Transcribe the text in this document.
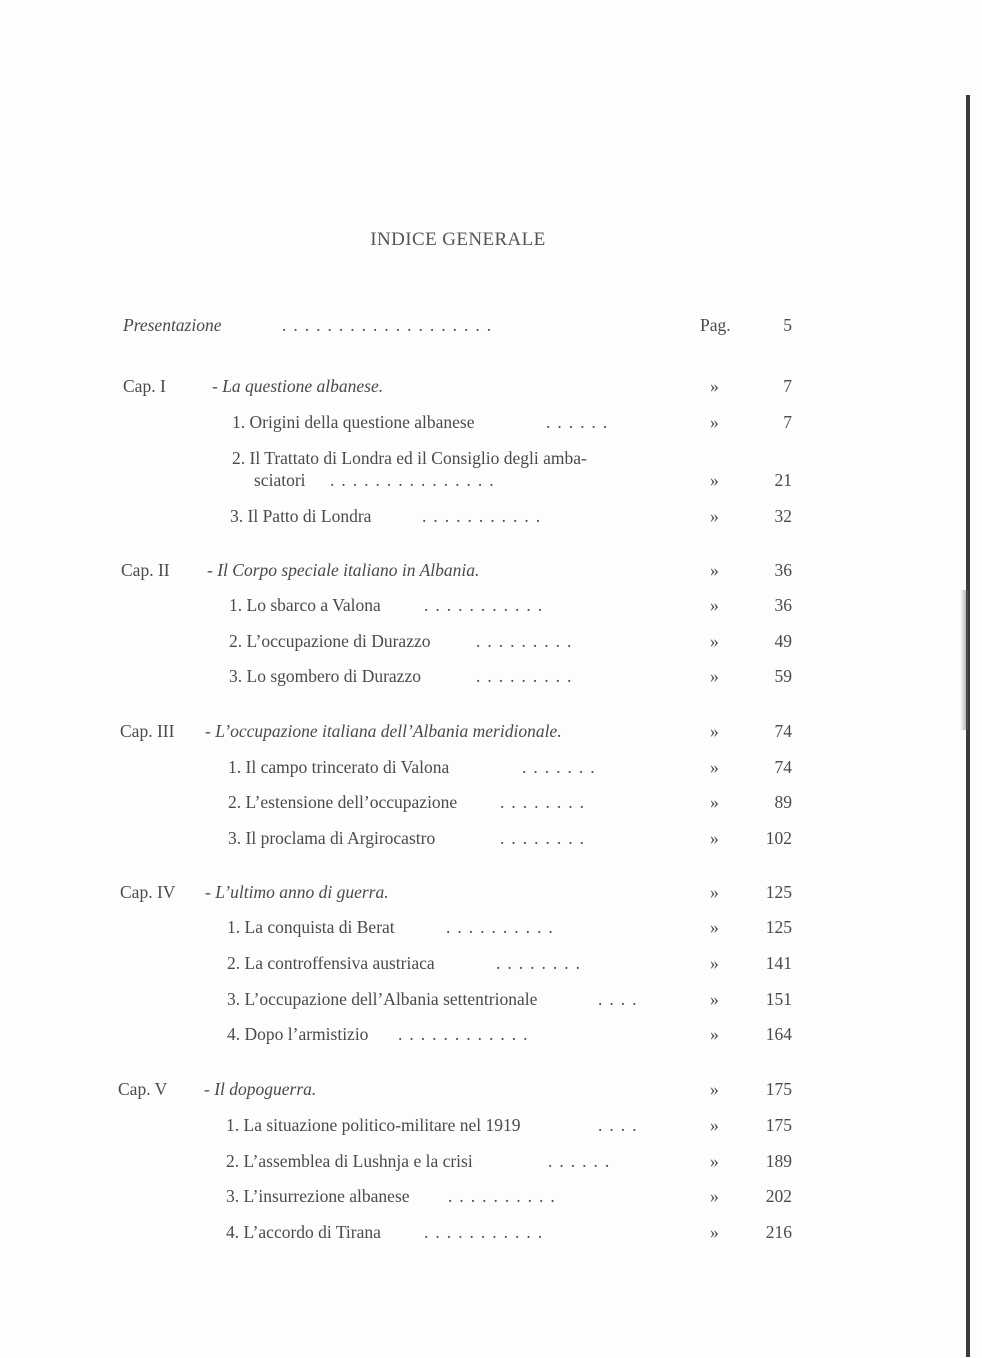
INDICE GENERALE
Presentazione	...................	Pag.	5
Cap. I	- La questione albanese.	»	7
1. Origini della questione albanese	......	»	7
2. Il Trattato di Londra ed il Consiglio degli amba-
sciatori ...............	»	21
3. Il Patto di Londra	...........	»	32
Cap. II - Il Corpo speciale italiano in Albania.	»	36
1. Lo sbarco a Valona ...........	»	36
2. L’occupazione di Durazzo	.........	»	49
3. Lo sgombero di Durazzo	.........	»	59
Cap. III - L’occupazione italiana dell’Albania meridionale.	»	74
1. Il campo trincerato di Valona	.......	»	74
2. L’estensione dell’occupazione ........	»	89
3. Il proclama di Argirocastro	........	»	102
Cap. IV - L’ultimo anno di guerra.	»	125
1. La conquista di Berat	..........	»	125
2. La controffensiva austriaca	........	»	141
3. L’occupazione dell’Albania settentrionale	....	»	151
4. Dopo l’armistizio ............	»	164
Cap. V - Il dopoguerra.	»	175
1. La situazione politico-militare nel 1919	....	»	175
2. L’assemblea di Lushnja e la crisi	......	»	189
3. L’insurrezione albanese ..........	»	202
4. L’accordo di Tirana ...........	»	216
